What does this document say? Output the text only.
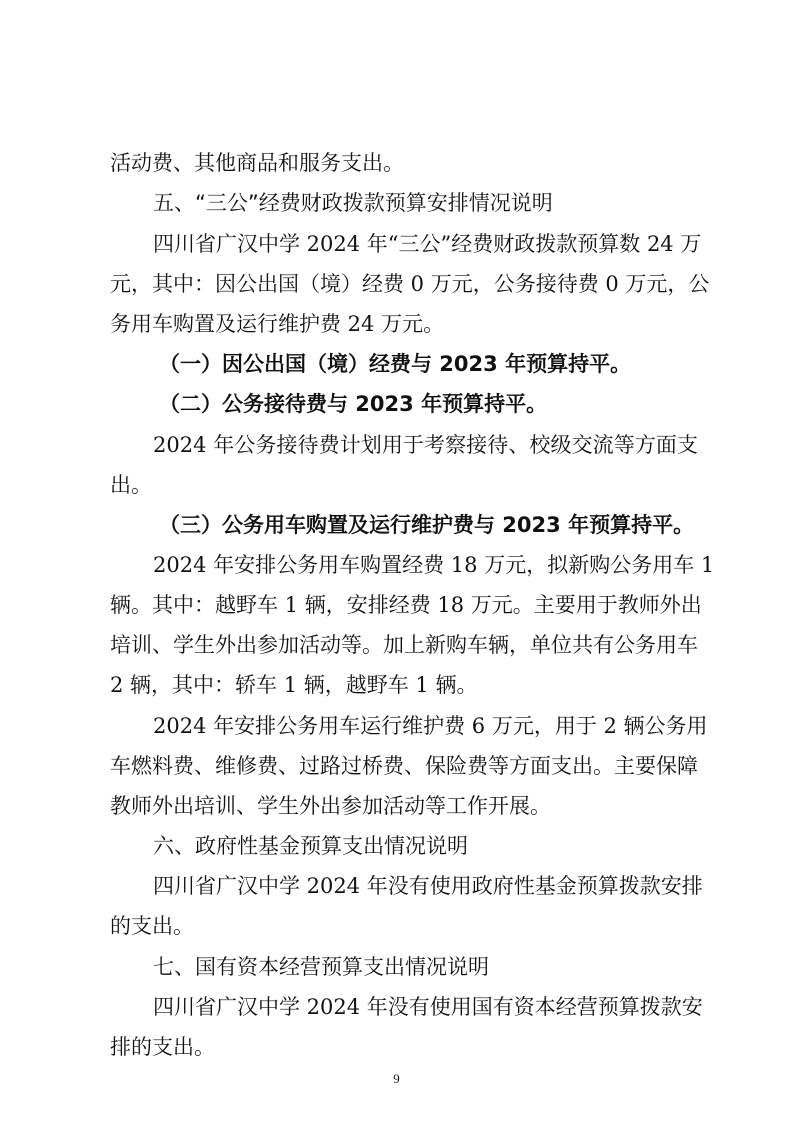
活动费、其他商品和服务支出。
五、“三公”经费财政拨款预算安排情况说明
四川省广汉中学 2024 年“三公”经费财政拨款预算数 24 万
元，其中：因公出国（境）经费 0 万元，公务接待费 0 万元，公
务用车购置及运行维护费 24 万元。
（一）因公出国（境）经费与 2023 年预算持平。
（二）公务接待费与 2023 年预算持平。
2024 年公务接待费计划用于考察接待、校级交流等方面支
出。
（三）公务用车购置及运行维护费与 2023 年预算持平。
2024 年安排公务用车购置经费 18 万元，拟新购公务用车 1
辆。其中：越野车 1 辆，安排经费 18 万元。主要用于教师外出
培训、学生外出参加活动等。加上新购车辆，单位共有公务用车
2 辆，其中：轿车 1 辆，越野车 1 辆。
2024 年安排公务用车运行维护费 6 万元，用于 2 辆公务用
车燃料费、维修费、过路过桥费、保险费等方面支出。主要保障
教师外出培训、学生外出参加活动等工作开展。
六、政府性基金预算支出情况说明
四川省广汉中学 2024 年没有使用政府性基金预算拨款安排
的支出。
七、国有资本经营预算支出情况说明
四川省广汉中学 2024 年没有使用国有资本经营预算拨款安
排的支出。
9
